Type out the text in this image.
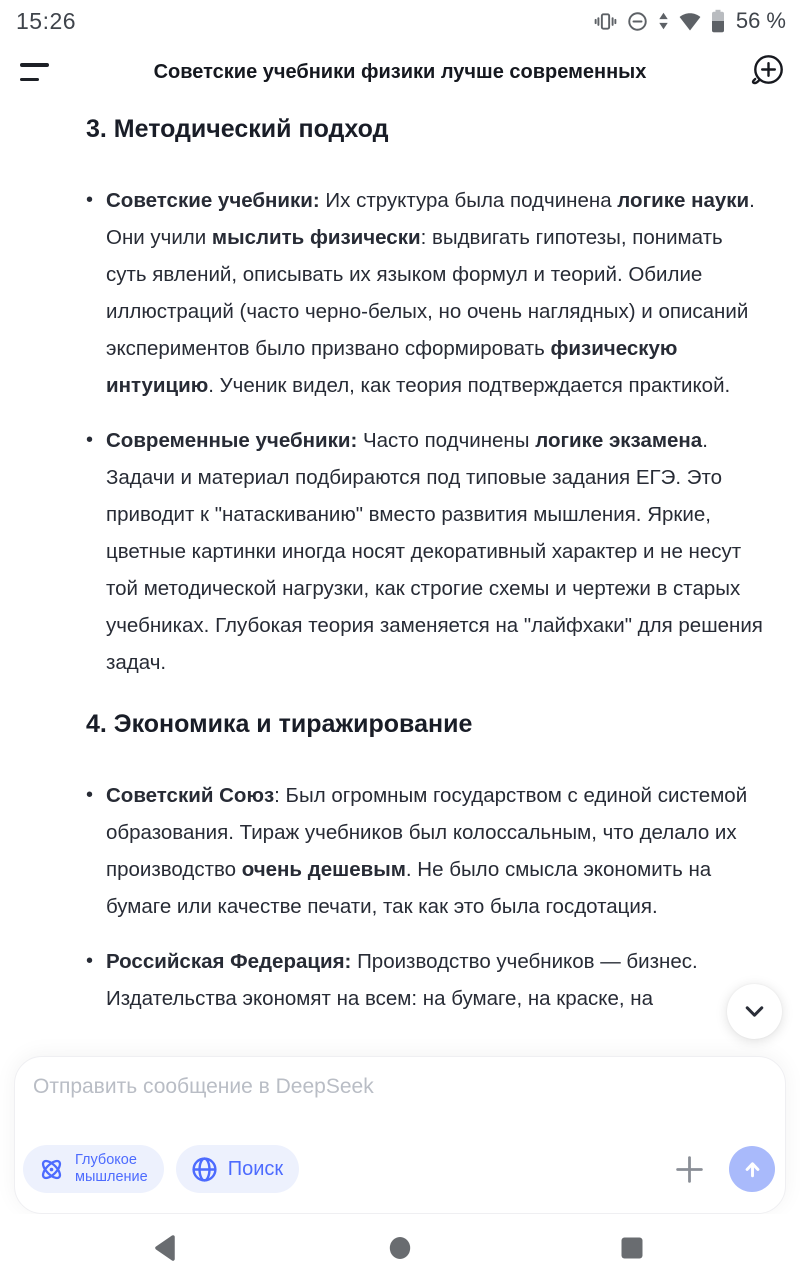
15:26	56 %
Советские учебники физики лучше современных
3. Методический подход
• Советские учебники: Их структура была подчинена логике науки. Они учили мыслить физически: выдвигать гипотезы, понимать суть явлений, описывать их языком формул и теорий. Обилие иллюстраций (часто черно-белых, но очень наглядных) и описаний экспериментов было призвано сформировать физическую интуицию. Ученик видел, как теория подтверждается практикой.
• Современные учебники: Часто подчинены логике экзамена. Задачи и материал подбираются под типовые задания ЕГЭ. Это приводит к "натаскиванию" вместо развития мышления. Яркие, цветные картинки иногда носят декоративный характер и не несут той методической нагрузки, как строгие схемы и чертежи в старых учебниках. Глубокая теория заменяется на "лайфхаки" для решения задач.
4. Экономика и тиражирование
• Советский Союз: Был огромным государством с единой системой образования. Тираж учебников был колоссальным, что делало их производство очень дешевым. Не было смысла экономить на бумаге или качестве печати, так как это была госдотация.
• Российская Федерация: Производство учебников — бизнес. Издательства экономят на всем: на бумаге, на краске, на
Отправить сообщение в DeepSeek
Глубокое
мышление	Поиск
